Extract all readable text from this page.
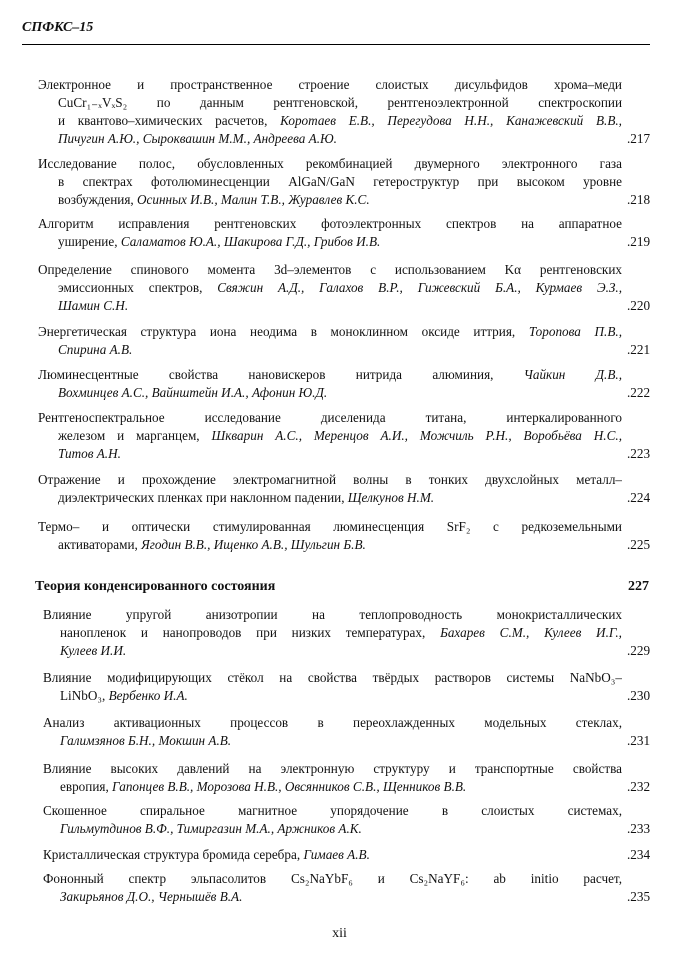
СПФКС–15
Электронное и пространственное строение слоистых дисульфидов хрома–меди
CuCr₁₋ₓVₓS₂ по данным рентгеновской, рентгеноэлектронной спектроскопии
и квантово–химических расчетов, Коротаев Е.В., Перегудова Н.Н., Канажевский В.В.,
Пичугин А.Ю., Сыроквашин М.М., Андреева А.Ю.	.217
Исследование полос, обусловленных рекомбинацией двумерного электронного газа
в спектрах фотолюминесценции AlGaN/GaN гетероструктур при высоком уровне
возбуждения, Осинных И.В., Малин Т.В., Журавлев К.С.	.218
Алгоритм исправления рентгеновских фотоэлектронных спектров на аппаратное
уширение, Саламатов Ю.А., Шакирова Г.Д., Грибов И.В.	.219
Определение спинового момента 3d–элементов с использованием Kα рентгеновских
эмиссионных спектров, Свяжин А.Д., Галахов В.Р., Гижевский Б.А., Курмаев Э.З.,
Шамин С.Н.	.220
Энергетическая структура иона неодима в моноклинном оксиде иттрия, Торопова П.В.,
Спирина А.В.	.221
Люминесцентные свойства нановискеров нитрида алюминия, Чайкин Д.В.,
Вохминцев А.С., Вайнштейн И.А., Афонин Ю.Д.	.222
Рентгеноспектральное исследование диселенида титана, интеркалированного
железом и марганцем, Шкварин А.С., Меренцов А.И., Можчиль Р.Н., Воробьёва Н.С.,
Титов А.Н.	.223
Отражение и прохождение электромагнитной волны в тонких двухслойных металл–
диэлектрических пленках при наклонном падении, Щелкунов Н.М.	.224
Термо– и оптически стимулированная люминесценция SrF₂ с редкоземельными
активаторами, Ягодин В.В., Ищенко А.В., Шульгин Б.В.	.225
Теория конденсированного состояния	227
Влияние упругой анизотропии на теплопроводность монокристаллических
нанопленок и нанопроводов при низких температурах, Бахарев С.М., Кулеев И.Г.,
Кулеев И.И.	.229
Влияние модифицирующих стёкол на свойства твёрдых растворов системы NaNbO₃–
LiNbO₃, Вербенко И.А.	.230
Анализ активационных процессов в переохлажденных модельных стеклах,
Галимзянов Б.Н., Мокшин А.В.	.231
Влияние высоких давлений на электронную структуру и транспортные свойства
европия, Гапонцев В.В., Морозова Н.В., Овсянников С.В., Щенников В.В.	.232
Скошенное спиральное магнитное упорядочение в слоистых системах,
Гильмутдинов В.Ф., Тимиргазин М.А., Аржников А.К.	.233
Кристаллическая структура бромида серебра, Гимаев А.В.	.234
Фононный спектр эльпасолитов Cs₂NaYbF₆ и Cs₂NaYF₆: ab initio расчет,
Закирьянов Д.О., Чернышёв В.А.	.235
xii
